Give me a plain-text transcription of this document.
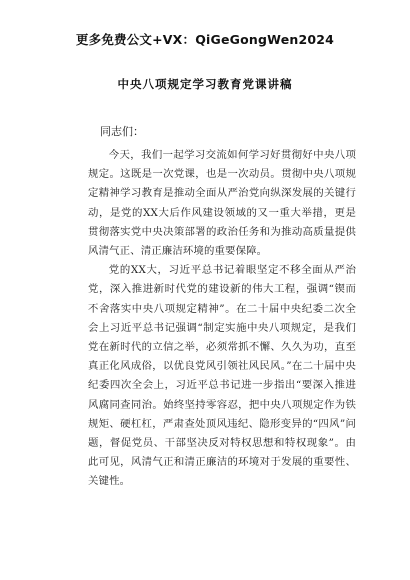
更多免费公文+VX：QiGeGongWen2024
中央八项规定学习教育党课讲稿
同志们：

今天，我们一起学习交流如何学习好贯彻好中央八项规定。这既是一次党课，也是一次动员。贯彻中央八项规定精神学习教育是推动全面从严治党向纵深发展的关键行动，是党的XX大后作风建设领域的又一重大举措，更是贯彻落实党中央决策部署的政治任务和为推动高质量提供风清气正、清正廉洁环境的重要保障。

党的XX大，习近平总书记着眼坚定不移全面从严治党，深入推进新时代党的建设新的伟大工程，强调“锲而不舍落实中央八项规定精神”。在二十届中央纪委二次全会上习近平总书记强调“制定实施中央八项规定，是我们党在新时代的立信之举，必须常抓不懈、久久为功，直至真正化风成俗，以优良党风引领社风民风。”在二十届中央纪委四次全会上，习近平总书记进一步指出“要深入推进风腐同查同治。始终坚持零容忍，把中央八项规定作为铁规矩、硬杠杠，严肃查处顶风违纪、隐形变异的“四风”问题，督促党员、干部坚决反对特权思想和特权现象”。由此可见，风清气正和清正廉洁的环境对于发展的重要性、关键性。
